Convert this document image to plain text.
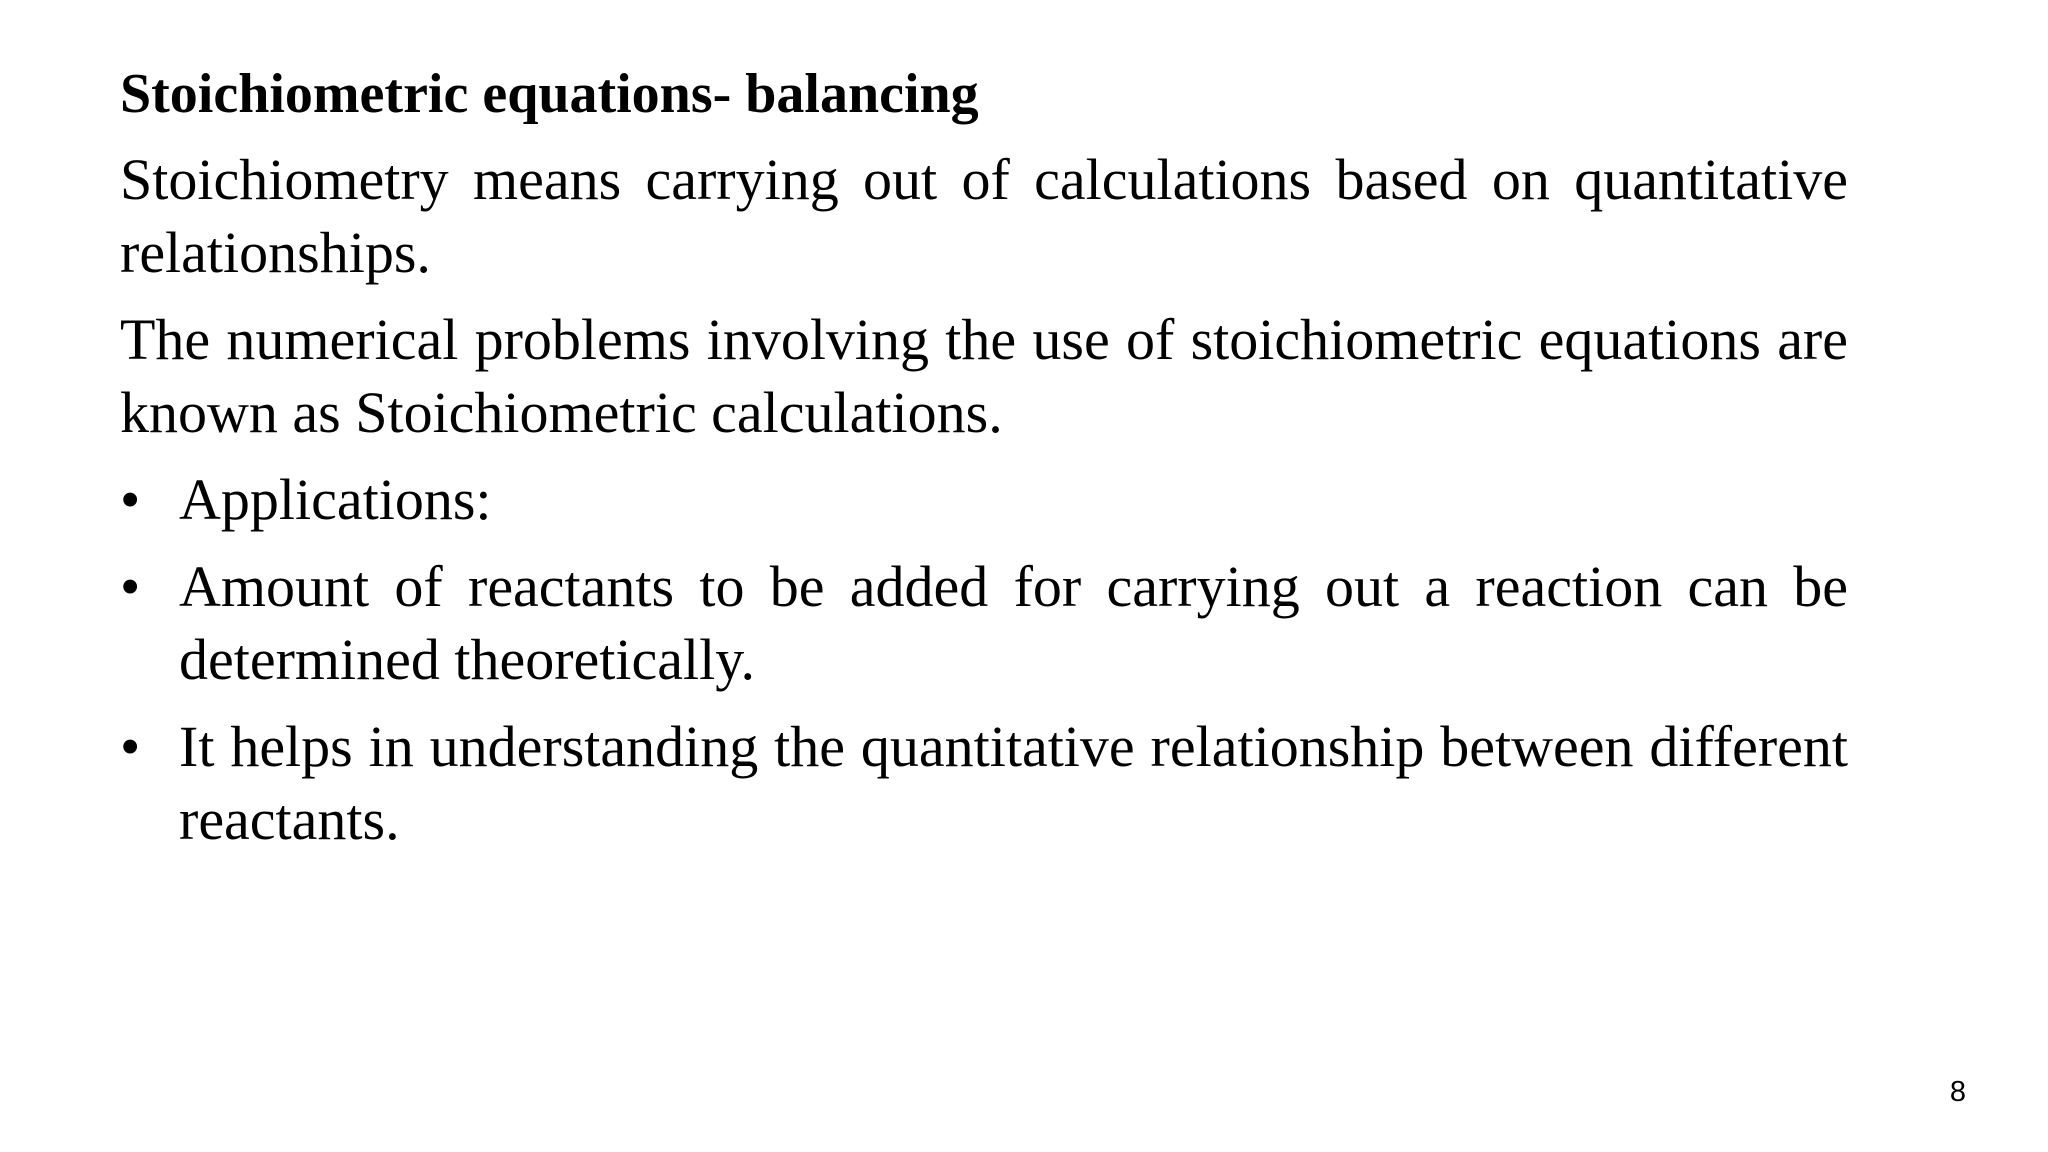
Stoichiometric equations- balancing

Stoichiometry means carrying out of calculations based on quantitative relationships.

The numerical problems involving the use of stoichiometric equations are known as Stoichiometric calculations.

• Applications:
• Amount of reactants to be added for carrying out a reaction can be determined theoretically.
• It helps in understanding the quantitative relationship between different reactants.
8
